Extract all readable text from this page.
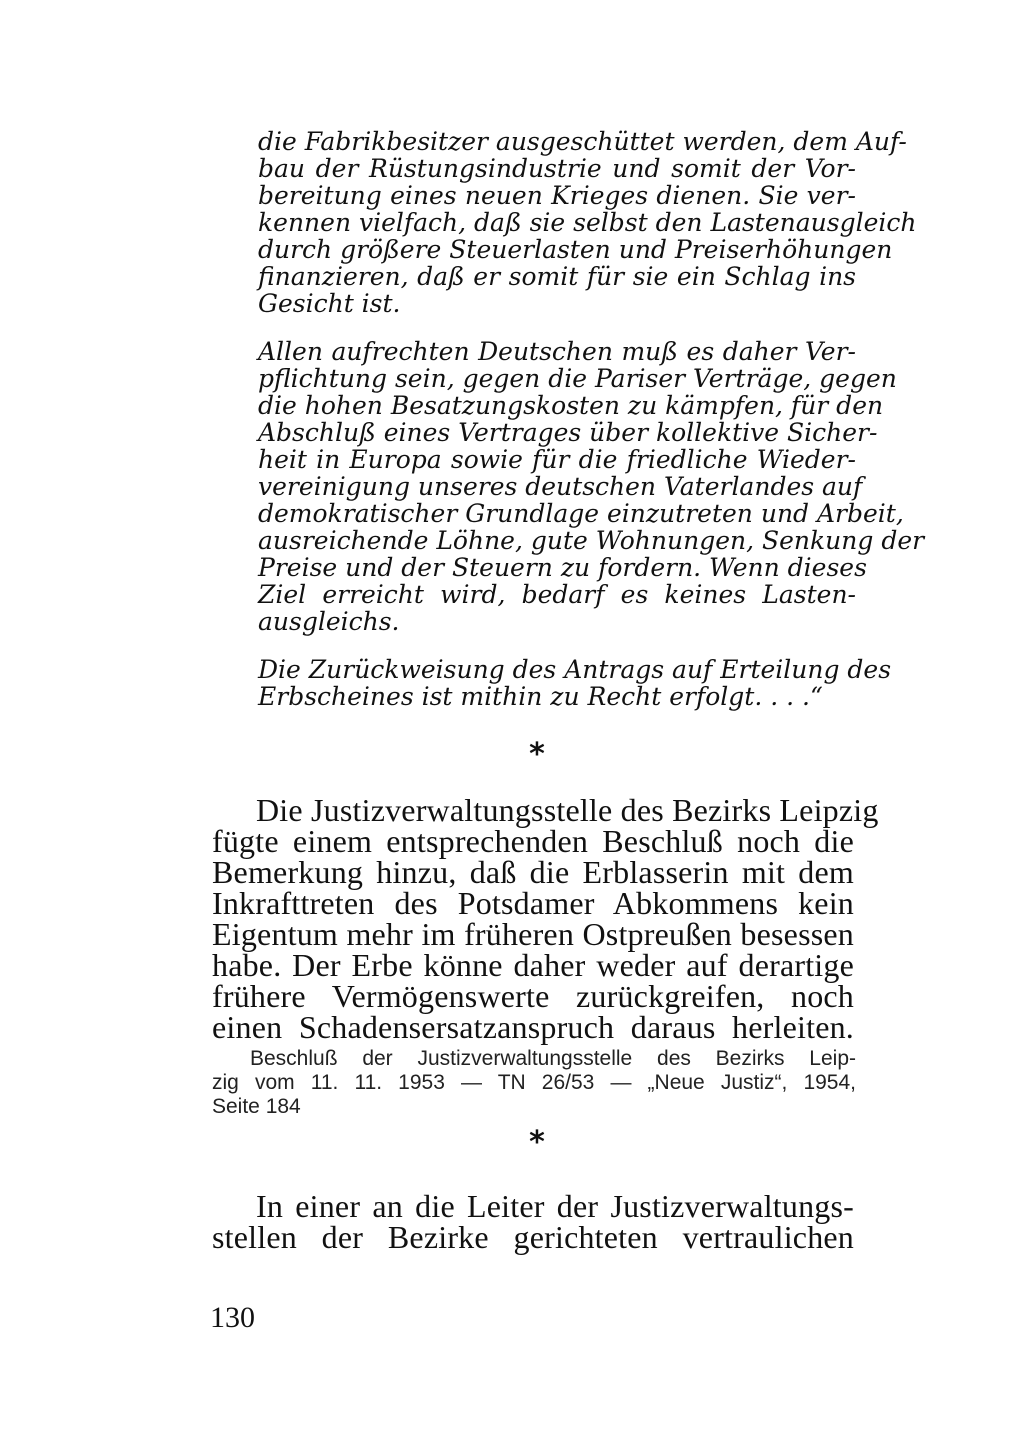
die Fabrikbesitzer ausgeschüttet werden, dem Auf-
bau der Rüstungsindustrie und somit der Vor-
bereitung eines neuen Krieges dienen. Sie ver-
kennen vielfach, daß sie selbst den Lastenausgleich
durch größere Steuerlasten und Preiserhöhungen
finanzieren, daß er somit für sie ein Schlag ins
Gesicht ist.
Allen aufrechten Deutschen muß es daher Ver-
pflichtung sein, gegen die Pariser Verträge, gegen
die hohen Besatzungskosten zu kämpfen, für den
Abschluß eines Vertrages über kollektive Sicher-
heit in Europa sowie für die friedliche Wieder-
vereinigung unseres deutschen Vaterlandes auf
demokratischer Grundlage einzutreten und Arbeit,
ausreichende Löhne, gute Wohnungen, Senkung der
Preise und der Steuern zu fordern. Wenn dieses
Ziel erreicht wird, bedarf es keines Lasten-
ausgleichs.
Die Zurückweisung des Antrags auf Erteilung des
Erbscheines ist mithin zu Recht erfolgt. . . .“
*
Die Justizverwaltungsstelle des Bezirks Leipzig
fügte einem entsprechenden Beschluß noch die
Bemerkung hinzu, daß die Erblasserin mit dem
Inkrafttreten des Potsdamer Abkommens kein
Eigentum mehr im früheren Ostpreußen besessen
habe. Der Erbe könne daher weder auf derartige
frühere Vermögenswerte zurückgreifen, noch
einen Schadensersatzanspruch daraus herleiten.
Beschluß der Justizverwaltungsstelle des Bezirks Leip-
zig vom 11. 11. 1953 — TN 26/53 — „Neue Justiz“, 1954,
Seite 184
*
In einer an die Leiter der Justizverwaltungs-
stellen der Bezirke gerichteten vertraulichen
130
